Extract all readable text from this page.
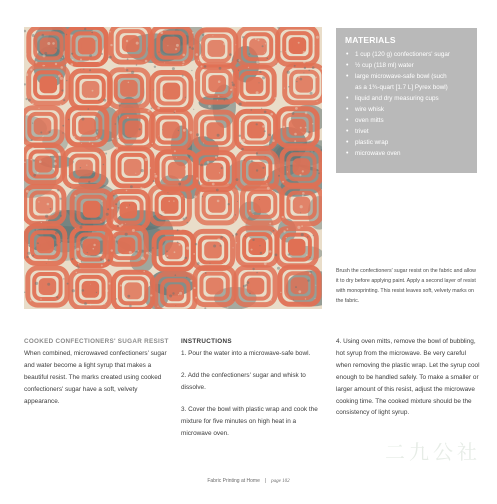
MATERIALS
• 1 cup (120 g) confectioners' sugar
• ½ cup (118 ml) water
• large microwave-safe bowl (such
as a 1¾-quart [1.7 L] Pyrex bowl)
• liquid and dry measuring cups
• wire whisk
• oven mitts
• trivet
• plastic wrap
• microwave oven
Brush the confectioners' sugar resist on the fabric and allow it to dry before applying paint. Apply a second layer of resist with monoprinting. This resist leaves soft, velvety marks on the fabric.
COOKED CONFECTIONERS' SUGAR RESIST

When combined, microwaved confectioners' sugar and water become a light syrup that makes a beautiful resist. The marks created using cooked confectioners' sugar have a soft, velvety appearance.

INSTRUCTIONS

1. Pour the water into a microwave-safe bowl.

2. Add the confectioners' sugar and whisk to dissolve.

3. Cover the bowl with plastic wrap and cook the mixture for five minutes on high heat in a microwave oven.

4. Using oven mitts, remove the bowl of bubbling, hot syrup from the microwave. Be very careful when removing the plastic wrap. Let the syrup cool enough to be handled safely. To make a smaller or larger amount of this resist, adjust the microwave cooking time. The cooked mixture should be the consistency of light syrup.

Fabric Printing at Home | page 102
二九公社
